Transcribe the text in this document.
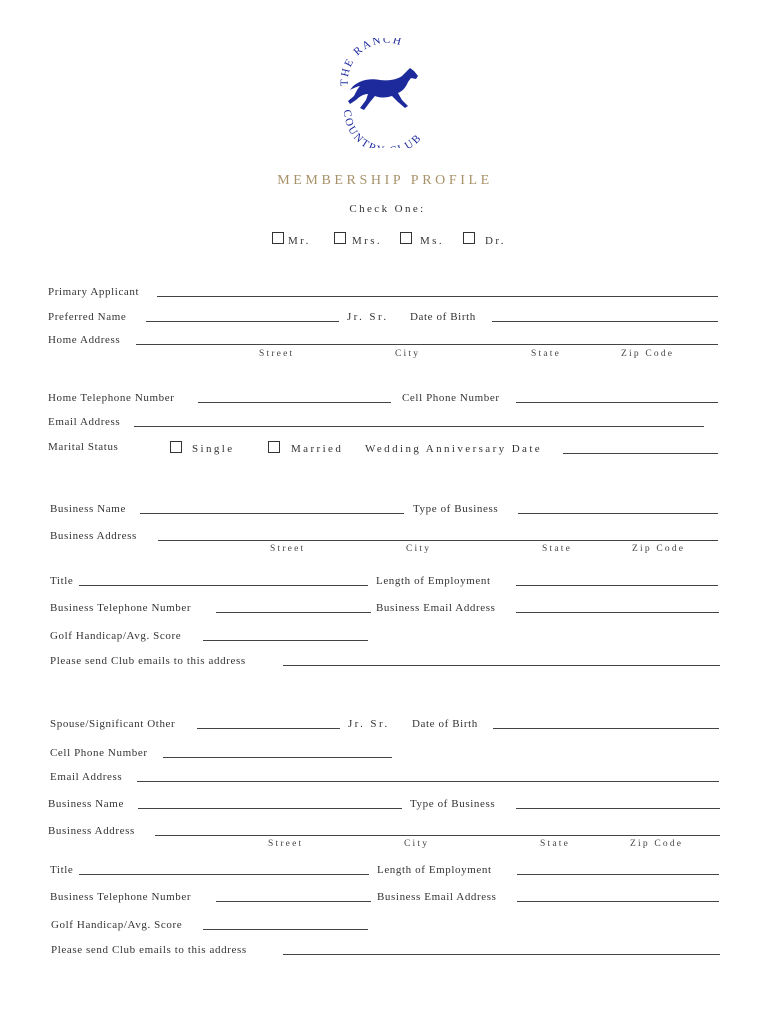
THE RANCH
COUNT UB
MEMBERSHIP PROFILE
Check One:
Mr.	Mrs.	Ms.	Dr.
Primary Applicant
Preferred Name	Jr. Sr. Date of Birth
Home Address
Street	City	State	Zip Code
Home Telephone Number	Cell Phone Number
Email Address
Marital Status	Single	Married Wedding Anniversary Date
Business Name	Type of Business
Business Address
Street	City	State	Zip Code
Title	Length of Employment
Business Telephone Number	Business Email Address
Golf Handicap/Avg. Score
Please send Club emails to this address
Spouse/Significant Other	Jr. Sr. Date of Birth
Cell Phone Number
Email Address
Business Name	Type of Business
Business Address
Street	City	State	Zip Code
Title	Length of Employment
Business Telephone Number	Business Email Address
Golf Handicap/Avg. Score
Please send Club emails to this address
